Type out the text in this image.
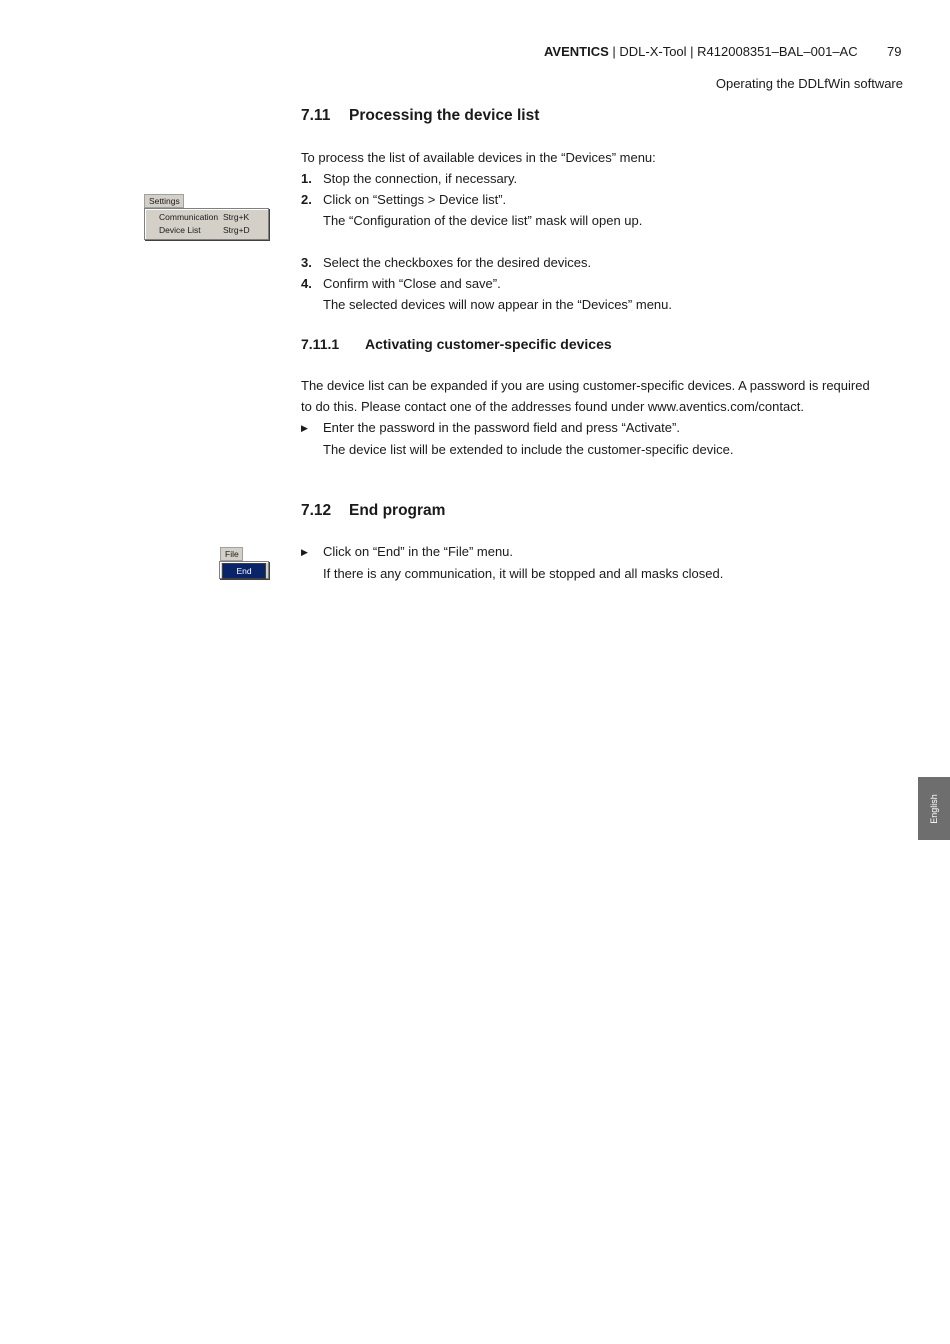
AVENTICS | DDL-X-Tool | R412008351–BAL–001–AC 79
Operating the DDLfWin software
7.11 Processing the device list
To process the list of available devices in the “Devices” menu:
1. Stop the connection, if necessary.
2. Click on “Settings > Device list”.
The “Configuration of the device list” mask will open up.
3. Select the checkboxes for the desired devices.
4. Confirm with “Close and save”.
The selected devices will now appear in the “Devices” menu.
7.11.1 Activating customer-specific devices
The device list can be expanded if you are using customer-specific devices. A password is required
to do this. Please contact one of the addresses found under www.aventics.com/contact.
▶ Enter the password in the password field and press “Activate”.
The device list will be extended to include the customer-specific device.
7.12 End program
▶ Click on “End” in the “File” menu.
If there is any communication, it will be stopped and all masks closed.
Settings
Communication Strg+K
Device List	Strg+D
File
End
English
